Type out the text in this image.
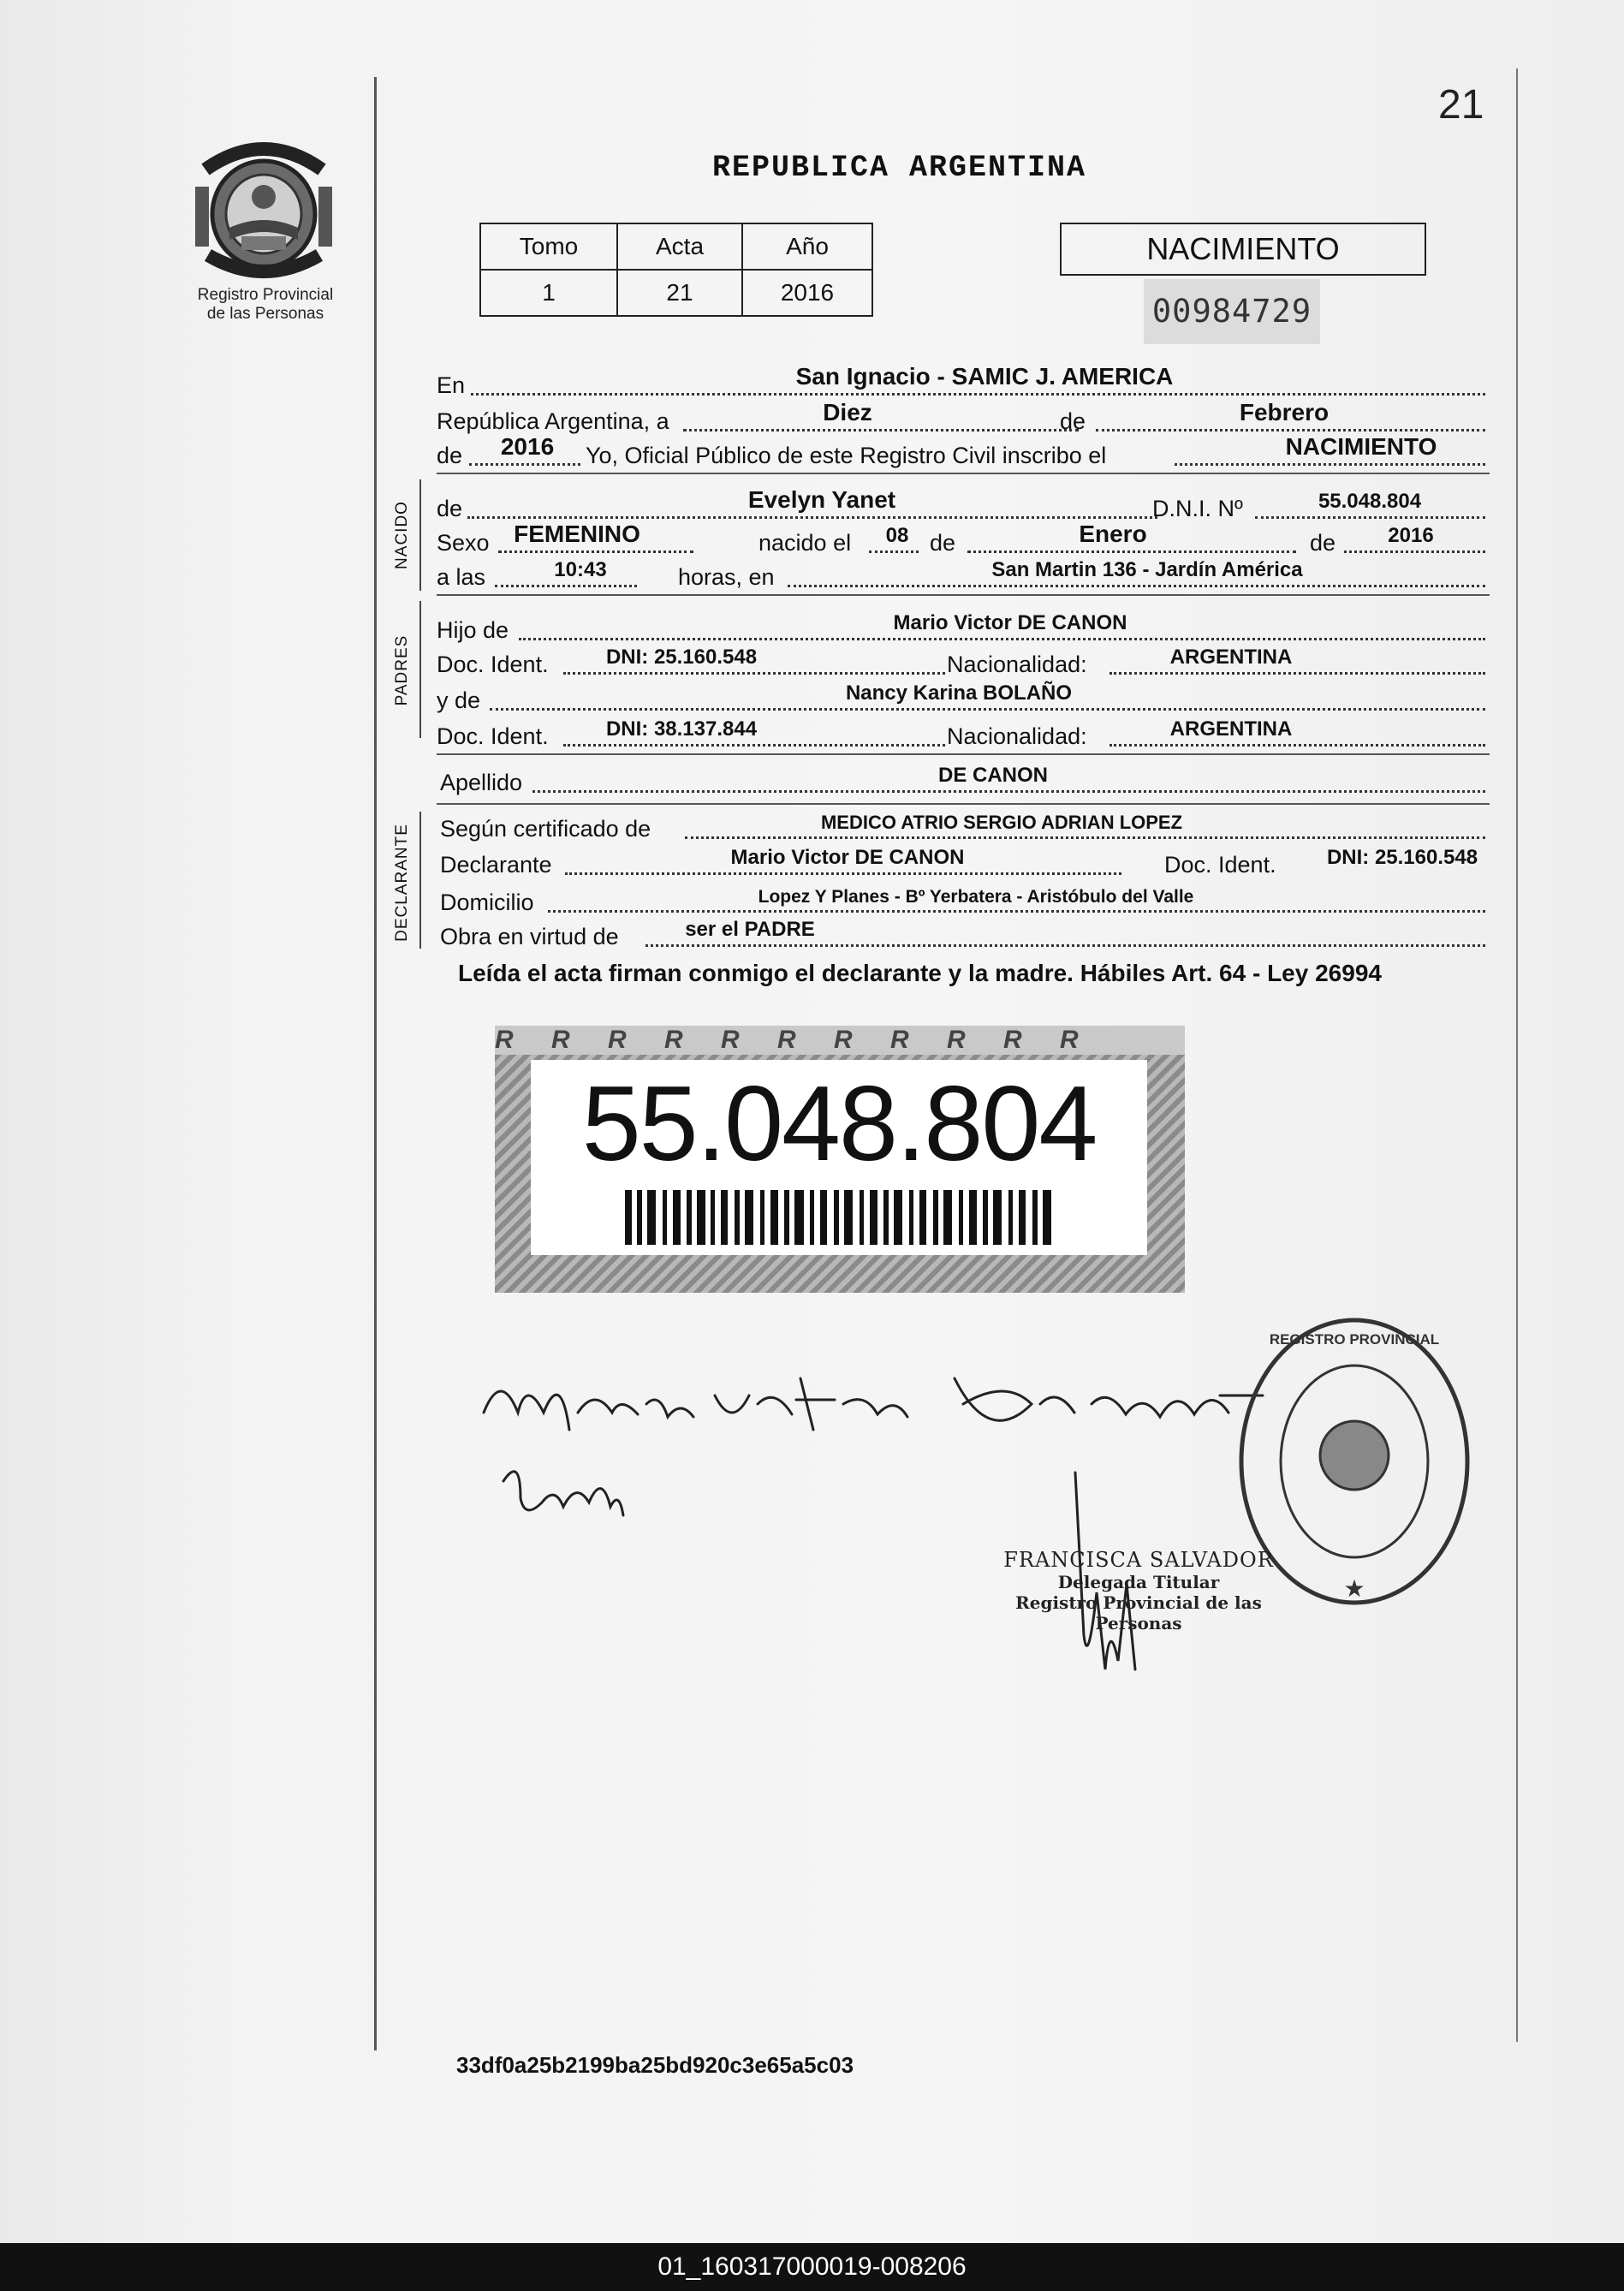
21
Registro Provincial
de las Personas
REPUBLICA ARGENTINA
Tomo	Acta	Año
1	21	2016
NACIMIENTO
00984729
En	San Ignacio - SAMIC J. AMERICA
República Argentina, a	Diez	de	Febrero
de 2016 Yo, Oficial Público de este Registro Civil inscribo el	NACIMIENTO
NACIDO de	Evelyn Yanet	D.N.I. Nº	55.048.804
Sexo FEMENINO	nacido el 08 de	Enero	de	2016
a las	10:43	horas, en	San Martin 136 - Jardín América
PADRES
Hijo de	Mario Victor DE CANON
Doc. Ident.	DNI: 25.160.548	Nacionalidad:	ARGENTINA
y de	Nancy Karina BOLAÑO
Doc. Ident.	DNI: 38.137.844	Nacionalidad:	ARGENTINA
Apellido	DE CANON
DECLARANTE Según certificado de	MEDICO ATRIO SERGIO ADRIAN LOPEZ
Declarante	Mario Victor DE CANON	Doc. Ident. DNI: 25.160.548
Domicilio	Lopez Y Planes - Bº Yerbatera - Aristóbulo del Valle
Obra en virtud de	ser el PADRE
Leída el acta firman conmigo el declarante y la madre. Hábiles Art. 64 - Ley 26994
R R R R R R R R R R R
55.048.804
REGISTRO PROVINCIAL
★
FRANCISCA SALVADOR
Delegada Titular
Registro Provincial de las Personas
33df0a25b2199ba25bd920c3e65a5c03
01_160317000019-008206
